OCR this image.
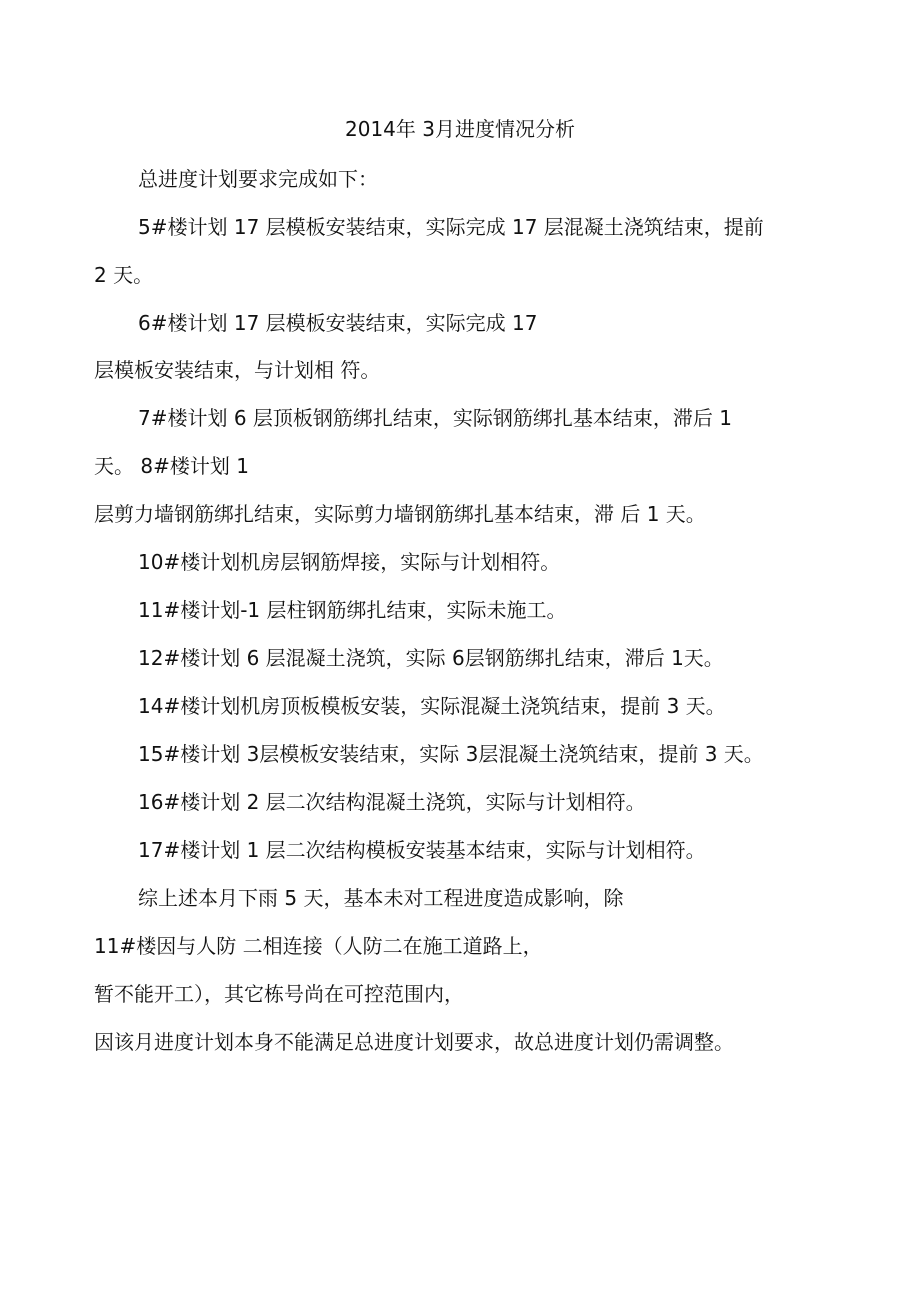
2014年 3月进度情况分析
总进度计划要求完成如下：
5#楼计划 17 层模板安装结束，实际完成 17 层混凝土浇筑结束，提前
2 天。
6#楼计划 17 层模板安装结束，实际完成 17
层模板安装结束，与计划相 符。
7#楼计划 6 层顶板钢筋绑扎结束，实际钢筋绑扎基本结束，滞后 1
天。 8#楼计划 1
层剪力墙钢筋绑扎结束，实际剪力墙钢筋绑扎基本结束，滞 后 1 天。
10#楼计划机房层钢筋焊接，实际与计划相符。
11#楼计划-1 层柱钢筋绑扎结束，实际未施工。
12#楼计划 6 层混凝土浇筑，实际 6层钢筋绑扎结束，滞后 1天。
14#楼计划机房顶板模板安装，实际混凝土浇筑结束，提前 3 天。
15#楼计划 3层模板安装结束，实际 3层混凝土浇筑结束，提前 3 天。
16#楼计划 2 层二次结构混凝土浇筑，实际与计划相符。
17#楼计划 1 层二次结构模板安装基本结束，实际与计划相符。
综上述本月下雨 5 天，基本未对工程进度造成影响，除
11#楼因与人防 二相连接（人防二在施工道路上，
暂不能开工），其它栋号尚在可控范围内，
因该月进度计划本身不能满足总进度计划要求，故总进度计划仍需调整。
